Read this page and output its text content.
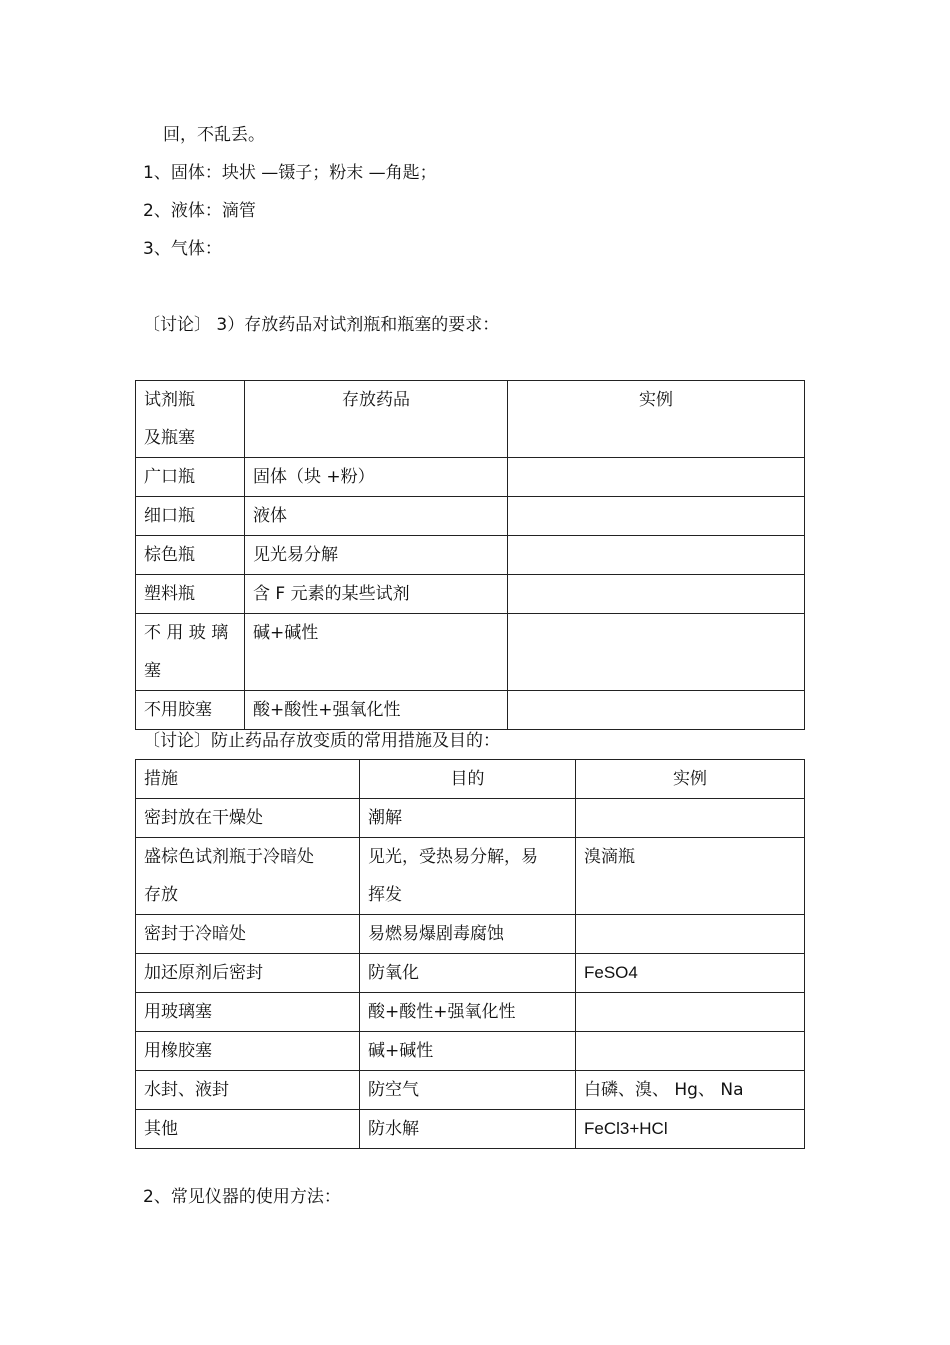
回，不乱丢。
1、固体：块状 —镊子；粉末 —角匙；
2、液体：滴管
3、气体：
〔讨论〕 3）存放药品对试剂瓶和瓶塞的要求：
试剂瓶
及瓶塞	存放药品	实例
广口瓶	固体（块 +粉）	
细口瓶	液体	
棕色瓶	见光易分解	
塑料瓶	含 F 元素的某些试剂	
不 用 玻 璃
塞	碱+碱性	
不用胶塞	酸+酸性+强氧化性	
〔讨论〕防止药品存放变质的常用措施及目的：
措施	目的	实例
密封放在干燥处	潮解	
盛棕色试剂瓶于冷暗处
存放	见光，受热易分解，易
挥发	溴滴瓶
密封于冷暗处	易燃易爆剧毒腐蚀	
加还原剂后密封	防氧化	FeSO4
用玻璃塞	酸+酸性+强氧化性	
用橡胶塞	碱+碱性	
水封、液封	防空气	白磷、溴、 Hg、 Na
其他	防水解	FeCl3+HCl
2、常见仪器的使用方法：
